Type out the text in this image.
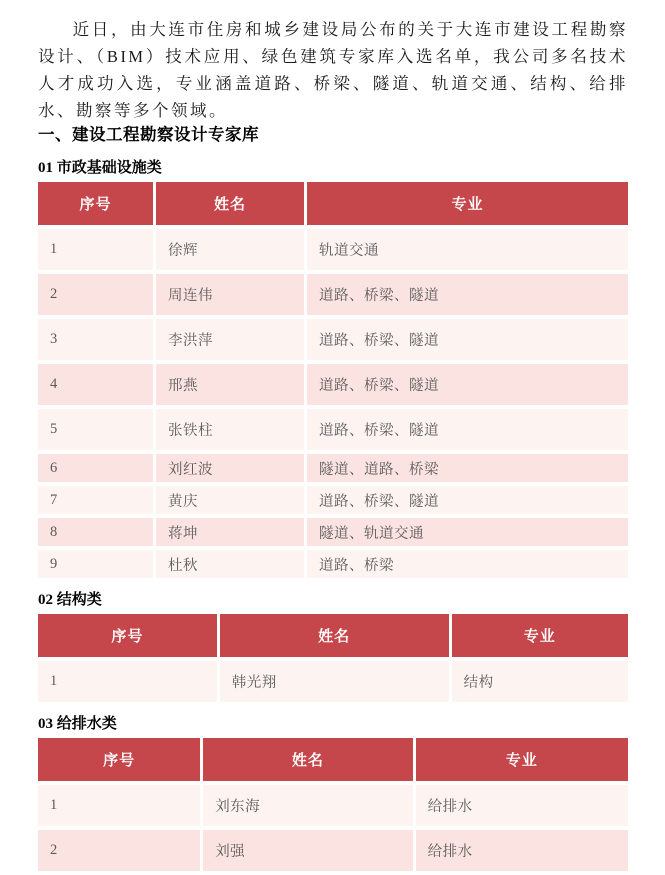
近日，由大连市住房和城乡建设局公布的关于大连市建设工程勘察设计、（BIM）技术应用、绿色建筑专家库入选名单，我公司多名技术人才成功入选，专业涵盖道路、桥梁、隧道、轨道交通、结构、给排水、勘察等多个领域。

一、建设工程勘察设计专家库
01 市政基础设施类
序号	姓名	专业
1	徐辉	轨道交通
2	周连伟	道路、桥梁、隧道
3	李洪萍	道路、桥梁、隧道
4	邢燕	道路、桥梁、隧道
5	张铁柱	道路、桥梁、隧道
6	刘红波	隧道、道路、桥梁
7	黄庆	道路、桥梁、隧道
8	蒋坤	隧道、轨道交通
9	杜秋	道路、桥梁
02 结构类
序号	姓名	专业
1	韩光翔	结构
03 给排水类
序号	姓名	专业
1	刘东海	给排水
2	刘强	给排水
